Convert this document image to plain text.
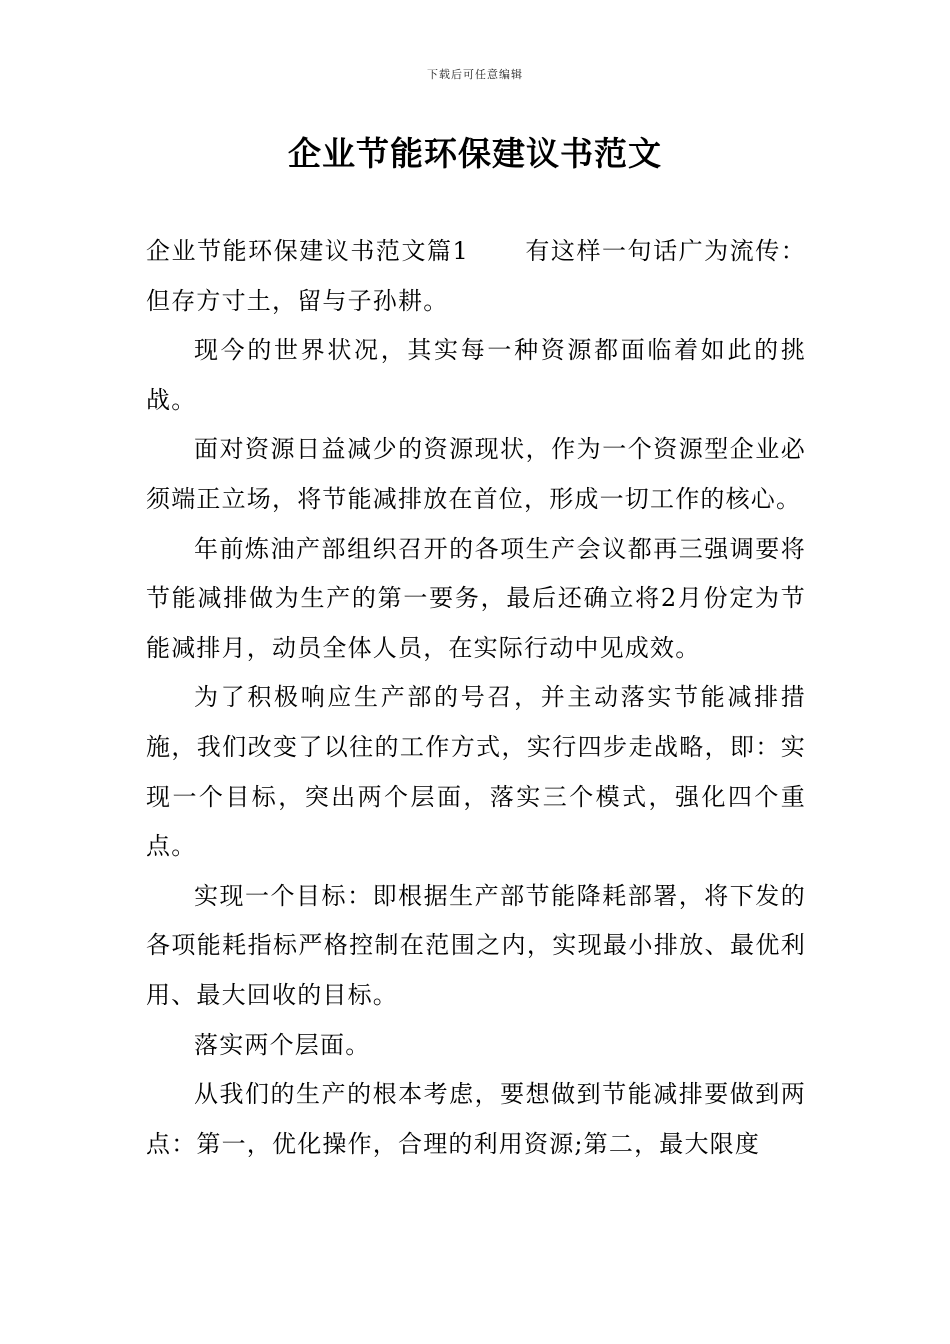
下载后可任意编辑
企业节能环保建议书范文

企业节能环保建议书范文篇1 有这样一句话广为流传：但存方寸土，留与子孙耕。

现今的世界状况，其实每一种资源都面临着如此的挑战。

面对资源日益减少的资源现状，作为一个资源型企业必须端正立场，将节能减排放在首位，形成一切工作的核心。

年前炼油产部组织召开的各项生产会议都再三强调要将节能减排做为生产的第一要务，最后还确立将2月份定为节能减排月，动员全体人员，在实际行动中见成效。

为了积极响应生产部的号召，并主动落实节能减排措施，我们改变了以往的工作方式，实行四步走战略，即：实现一个目标，突出两个层面，落实三个模式，强化四个重点。

实现一个目标：即根据生产部节能降耗部署，将下发的各项能耗指标严格控制在范围之内，实现最小排放、最优利用、最大回收的目标。

落实两个层面。

从我们的生产的根本考虑，要想做到节能减排要做到两点：第一，优化操作，合理的利用资源;第二，最大限度
